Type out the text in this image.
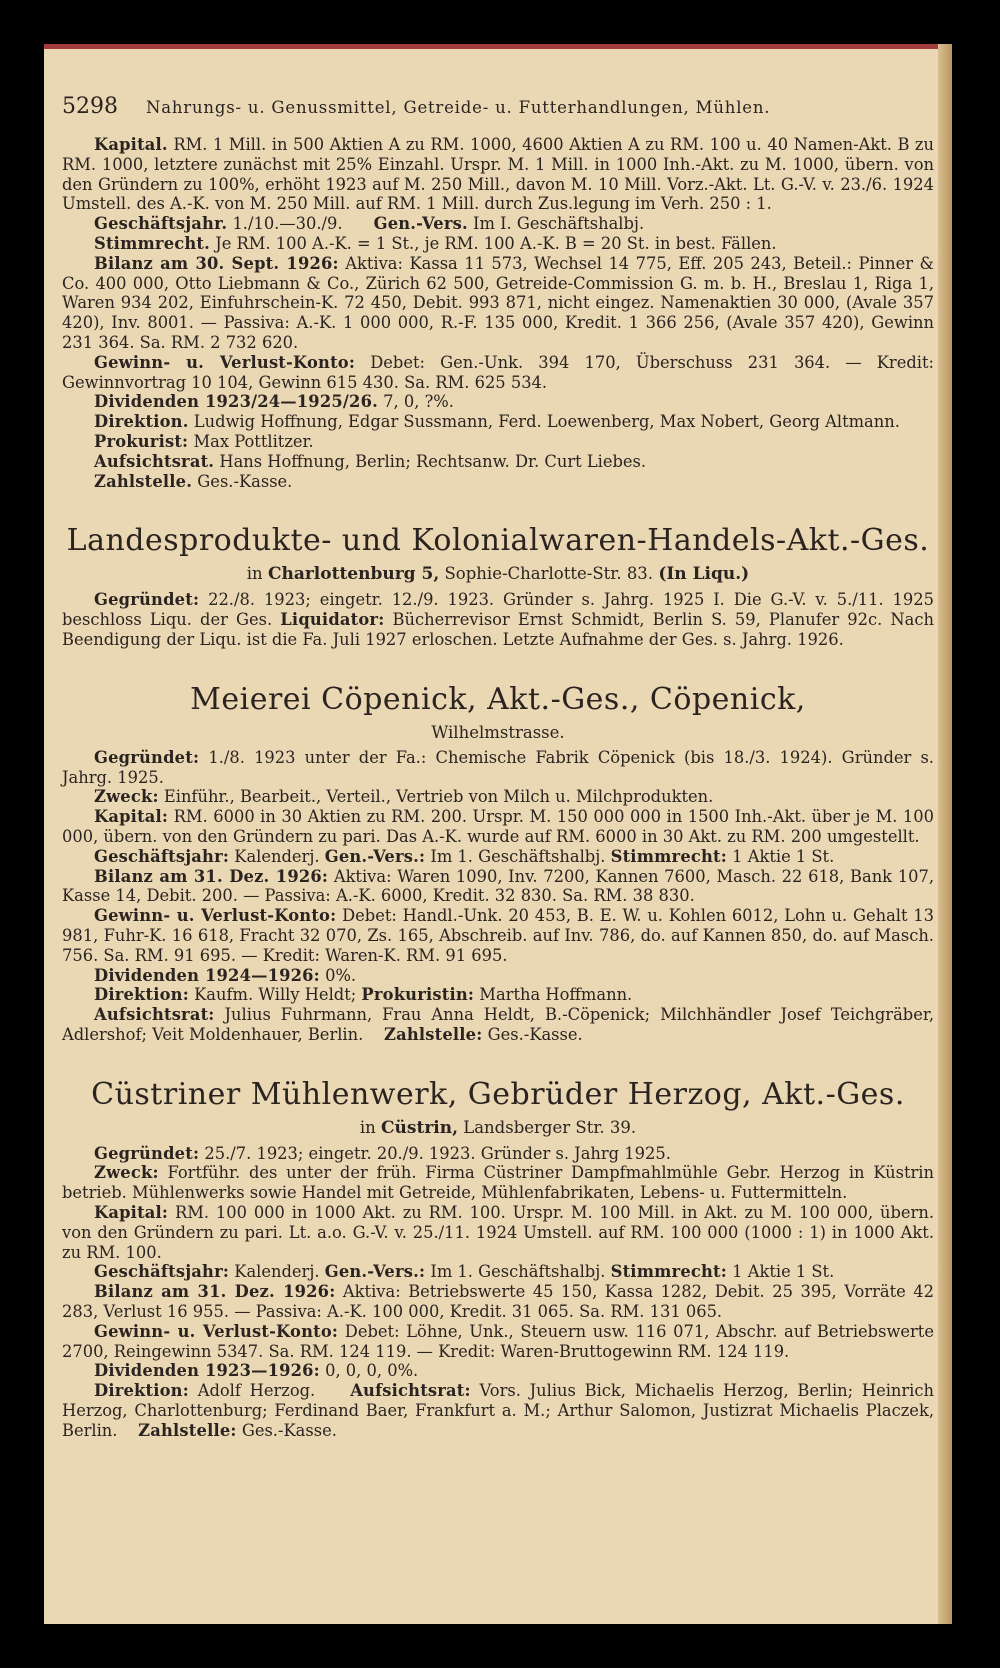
5298 Nahrungs- u. Genussmittel, Getreide- u. Futterhandlungen, Mühlen.

Kapital. RM. 1 Mill. in 500 Aktien A zu RM. 1000, 4600 Aktien A zu RM. 100 u. 40 Namen-Akt. B zu RM. 1000, letztere zunächst mit 25% Einzahl. Urspr. M. 1 Mill. in 1000 Inh.-Akt. zu M. 1000, übern. von den Gründern zu 100%, erhöht 1923 auf M. 250 Mill., davon M. 10 Mill. Vorz.-Akt. Lt. G.-V. v. 23./6. 1924 Umstell. des A.-K. von M. 250 Mill. auf RM. 1 Mill. durch Zus.legung im Verh. 250 : 1.

Geschäftsjahr. 1./10.—30./9. Gen.-Vers. Im I. Geschäftshalbj.

Stimmrecht. Je RM. 100 A.-K. = 1 St., je RM. 100 A.-K. B = 20 St. in best. Fällen.

Bilanz am 30. Sept. 1926: Aktiva: Kassa 11 573, Wechsel 14 775, Eff. 205 243, Beteil.: Pinner & Co. 400 000, Otto Liebmann & Co., Zürich 62 500, Getreide-Commission G. m. b. H., Breslau 1, Riga 1, Waren 934 202, Einfuhrschein-K. 72 450, Debit. 993 871, nicht eingez. Namenaktien 30 000, (Avale 357 420), Inv. 8001. — Passiva: A.-K. 1 000 000, R.-F. 135 000, Kredit. 1 366 256, (Avale 357 420), Gewinn 231 364. Sa. RM. 2 732 620.

Gewinn- u. Verlust-Konto: Debet: Gen.-Unk. 394 170, Überschuss 231 364. — Kredit: Gewinnvortrag 10 104, Gewinn 615 430. Sa. RM. 625 534.

Dividenden 1923/24—1925/26. 7, 0, ?%.

Direktion. Ludwig Hoffnung, Edgar Sussmann, Ferd. Loewenberg, Max Nobert, Georg Altmann.

Prokurist: Max Pottlitzer.

Aufsichtsrat. Hans Hoffnung, Berlin; Rechtsanw. Dr. Curt Liebes.

Zahlstelle. Ges.-Kasse.

Landesprodukte- und Kolonialwaren-Handels-Akt.-Ges.
in Charlottenburg 5, Sophie-Charlotte-Str. 83. (In Liqu.)

Gegründet: 22./8. 1923; eingetr. 12./9. 1923. Gründer s. Jahrg. 1925 I. Die G.-V. v. 5./11. 1925 beschloss Liqu. der Ges. Liquidator: Bücherrevisor Ernst Schmidt, Berlin S. 59, Planufer 92c. Nach Beendigung der Liqu. ist die Fa. Juli 1927 erloschen. Letzte Aufnahme der Ges. s. Jahrg. 1926.

Meierei Cöpenick, Akt.-Ges., Cöpenick,
Wilhelmstrasse.

Gegründet: 1./8. 1923 unter der Fa.: Chemische Fabrik Cöpenick (bis 18./3. 1924). Gründer s. Jahrg. 1925.

Zweck: Einführ., Bearbeit., Verteil., Vertrieb von Milch u. Milchprodukten.

Kapital: RM. 6000 in 30 Aktien zu RM. 200. Urspr. M. 150 000 000 in 1500 Inh.-Akt. über je M. 100 000, übern. von den Gründern zu pari. Das A.-K. wurde auf RM. 6000 in 30 Akt. zu RM. 200 umgestellt.

Geschäftsjahr: Kalenderj. Gen.-Vers.: Im 1. Geschäftshalbj. Stimmrecht: 1 Aktie 1 St.

Bilanz am 31. Dez. 1926: Aktiva: Waren 1090, Inv. 7200, Kannen 7600, Masch. 22 618, Bank 107, Kasse 14, Debit. 200. — Passiva: A.-K. 6000, Kredit. 32 830. Sa. RM. 38 830.

Gewinn- u. Verlust-Konto: Debet: Handl.-Unk. 20 453, B. E. W. u. Kohlen 6012, Lohn u. Gehalt 13 981, Fuhr-K. 16 618, Fracht 32 070, Zs. 165, Abschreib. auf Inv. 786, do. auf Kannen 850, do. auf Masch. 756. Sa. RM. 91 695. — Kredit: Waren-K. RM. 91 695.

Dividenden 1924—1926: 0%.

Direktion: Kaufm. Willy Heldt; Prokuristin: Martha Hoffmann.

Aufsichtsrat: Julius Fuhrmann, Frau Anna Heldt, B.-Cöpenick; Milchhändler Josef Teichgräber, Adlershof; Veit Moldenhauer, Berlin. Zahlstelle: Ges.-Kasse.

Cüstriner Mühlenwerk, Gebrüder Herzog, Akt.-Ges.
in Cüstrin, Landsberger Str. 39.

Gegründet: 25./7. 1923; eingetr. 20./9. 1923. Gründer s. Jahrg 1925.

Zweck: Fortführ. des unter der früh. Firma Cüstriner Dampfmahlmühle Gebr. Herzog in Küstrin betrieb. Mühlenwerks sowie Handel mit Getreide, Mühlenfabrikaten, Lebens- u. Futtermitteln.

Kapital: RM. 100 000 in 1000 Akt. zu RM. 100. Urspr. M. 100 Mill. in Akt. zu M. 100 000, übern. von den Gründern zu pari. Lt. a.o. G.-V. v. 25./11. 1924 Umstell. auf RM. 100 000 (1000 : 1) in 1000 Akt. zu RM. 100.

Geschäftsjahr: Kalenderj. Gen.-Vers.: Im 1. Geschäftshalbj. Stimmrecht: 1 Aktie 1 St.

Bilanz am 31. Dez. 1926: Aktiva: Betriebswerte 45 150, Kassa 1282, Debit. 25 395, Vorräte 42 283, Verlust 16 955. — Passiva: A.-K. 100 000, Kredit. 31 065. Sa. RM. 131 065.

Gewinn- u. Verlust-Konto: Debet: Löhne, Unk., Steuern usw. 116 071, Abschr. auf Betriebswerte 2700, Reingewinn 5347. Sa. RM. 124 119. — Kredit: Waren-Bruttogewinn RM. 124 119.

Dividenden 1923—1926: 0, 0, 0, 0%.

Direktion: Adolf Herzog. Aufsichtsrat: Vors. Julius Bick, Michaelis Herzog, Berlin; Heinrich Herzog, Charlottenburg; Ferdinand Baer, Frankfurt a. M.; Arthur Salomon, Justizrat Michaelis Placzek, Berlin. Zahlstelle: Ges.-Kasse.
